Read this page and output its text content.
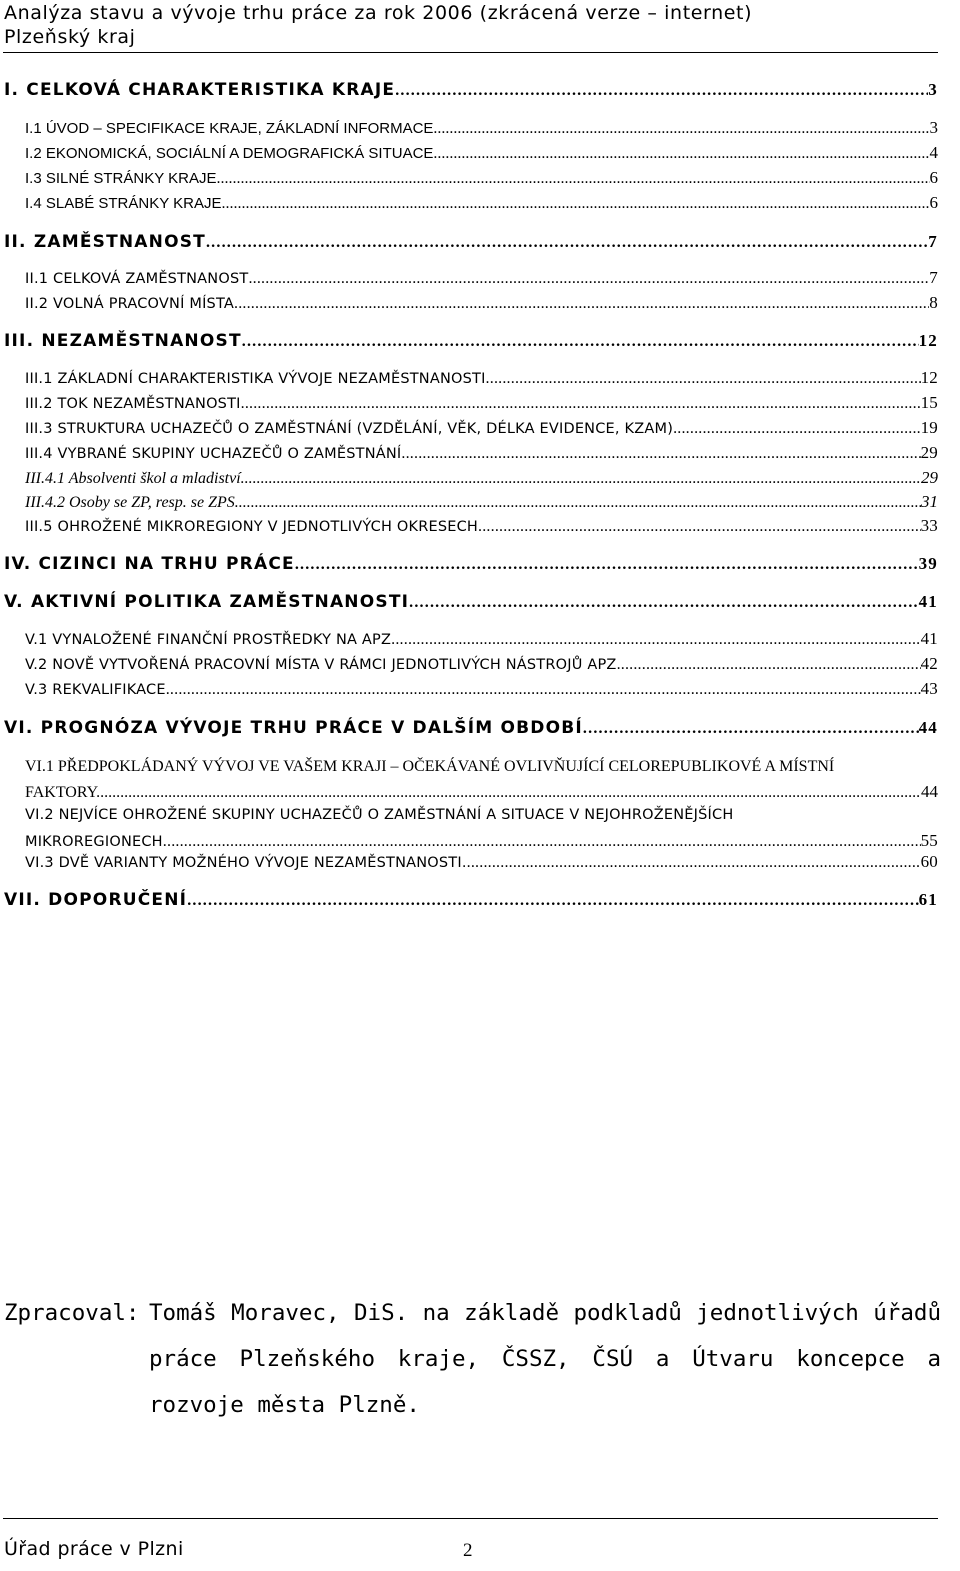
Analýza stavu a vývoje trhu práce za rok 2006 (zkrácená verze – internet)
Plzeňský kraj
I. CELKOVÁ CHARAKTERISTIKA KRAJE .....	3
I.1 ÚVOD – SPECIFIKACE KRAJE, ZÁKLADNÍ INFORMACE .....	3
I.2 EKONOMICKÁ, SOCIÁLNÍ A DEMOGRAFICKÁ SITUACE .....	4
I.3 SILNÉ STRÁNKY KRAJE .....	6
I.4 SLABÉ STRÁNKY KRAJE .....	6
II. ZAMĚSTNANOST .....	7
II.1 CELKOVÁ ZAMĚSTNANOST .....	7
II.2 VOLNÁ PRACOVNÍ MÍSTA .....	8
III. NEZAMĚSTNANOST .....	12
III.1 ZÁKLADNÍ CHARAKTERISTIKA VÝVOJE NEZAMĚSTNANOSTI .....	12
III.2 TOK NEZAMĚSTNANOSTI .....	15
III.3 STRUKTURA UCHAZEČŮ O ZAMĚSTNÁNÍ (VZDĚLÁNÍ, VĚK, DÉLKA EVIDENCE, KZAM) .....	19
III.4 VYBRANÉ SKUPINY UCHAZEČŮ O ZAMĚSTNÁNÍ .....	29
III.4.1 Absolventi škol a mladiství .....	29
III.4.2 Osoby se ZP, resp. se ZPS .....	31
III.5 OHROŽENÉ MIKROREGIONY V JEDNOTLIVÝCH OKRESECH .....	33
IV. CIZINCI NA TRHU PRÁCE .....	39
V. AKTIVNÍ POLITIKA ZAMĚSTNANOSTI .....	41
V.1 VYNALOŽENÉ FINANČNÍ PROSTŘEDKY NA APZ .....	41
V.2 NOVĚ VYTVOŘENÁ PRACOVNÍ MÍSTA V RÁMCI JEDNOTLIVÝCH NÁSTROJŮ APZ .....	42
V.3 REKVALIFIKACE .....	43
VI. PROGNÓZA VÝVOJE TRHU PRÁCE V DALŠÍM OBDOBÍ .....	44
VI.1 PŘEDPOKLÁDANÝ VÝVOJ VE VAŠEM KRAJI – OČEKÁVANÉ OVLIVŇUJÍCÍ CELOREPUBLIKOVÉ A MÍSTNÍ
FAKTORY. .....	44
VI.2 NEJVÍCE OHROŽENÉ SKUPINY UCHAZEČŮ O ZAMĚSTNÁNÍ A SITUACE V NEJOHROŽENĚJŠÍCH
MIKROREGIONECH .....	55
VI.3 DVĚ VARIANTY MOŽNÉHO VÝVOJE NEZAMĚSTNANOSTI. .....	60
VII. DOPORUČENÍ .....	61
Zpracoval: Tomáš Moravec, DiS. na základě podkladů jednotlivých úřadů práce Plzeňského kraje, ČSSZ, ČSÚ a Útvaru koncepce a rozvoje města Plzně.
Úřad práce v Plzni	2
